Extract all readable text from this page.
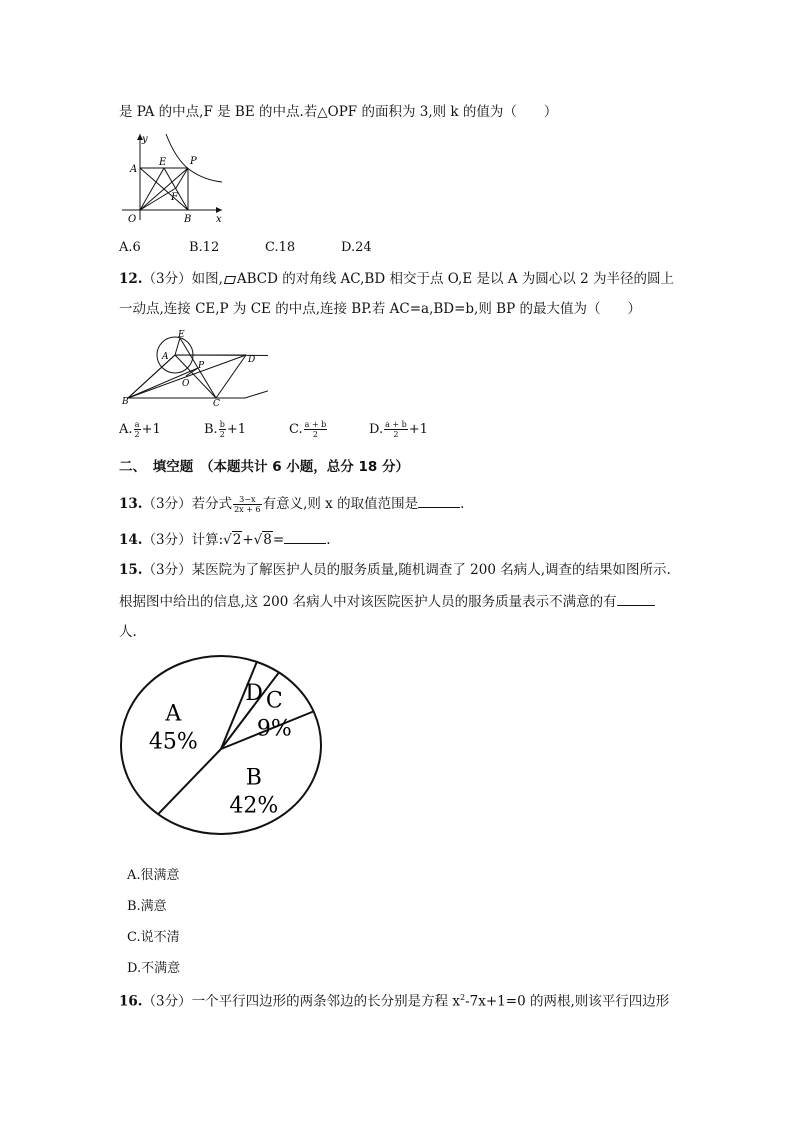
是 PA 的中点,F 是 BE 的中点.若△OPF 的面积为 3,则 k 的值为（　　）
y
x
A
E P
F
O	B
A.6	B.12	C.18	D.24
12.（3分）如图, ABCD 的对角线 AC,BD 相交于点 O,E 是以 A 为圆心以 2 为半径的圆上
一动点,连接 CE,P 为 CE 的中点,连接 BP.若 AC=a,BD=b,则 BP 的最大值为（　　）
E
A
P
D
O
B	C
A. $\frac{a}{2} +1$	B. $\frac{b}{2} +1$	C. $\frac{a + b}{2}$	D. $\frac{a + b}{2} +1$
二、　填空题　（本题共计 6 小题，总分 18 分）
13.（3分）若分式 $\frac{3-x}{2x + 6}$ 有意义,则 x 的取值范围是	.
14.（3分）计算:√2+√8=	.
15.（3分）某医院为了解医护人员的服务质量,随机调查了 200 名病人,调查的结果如图所示.
根据图中给出的信息,这 200 名病人中对该医院医护人员的服务质量表示不满意的有
人.
A
45%
B
42%
C
9%
D
A.很满意
B.满意
C.说不清
D.不满意
16.（3分）一个平行四边形的两条邻边的长分别是方程 $x^2-7x+1=0$ 的两根,则该平行四边形
